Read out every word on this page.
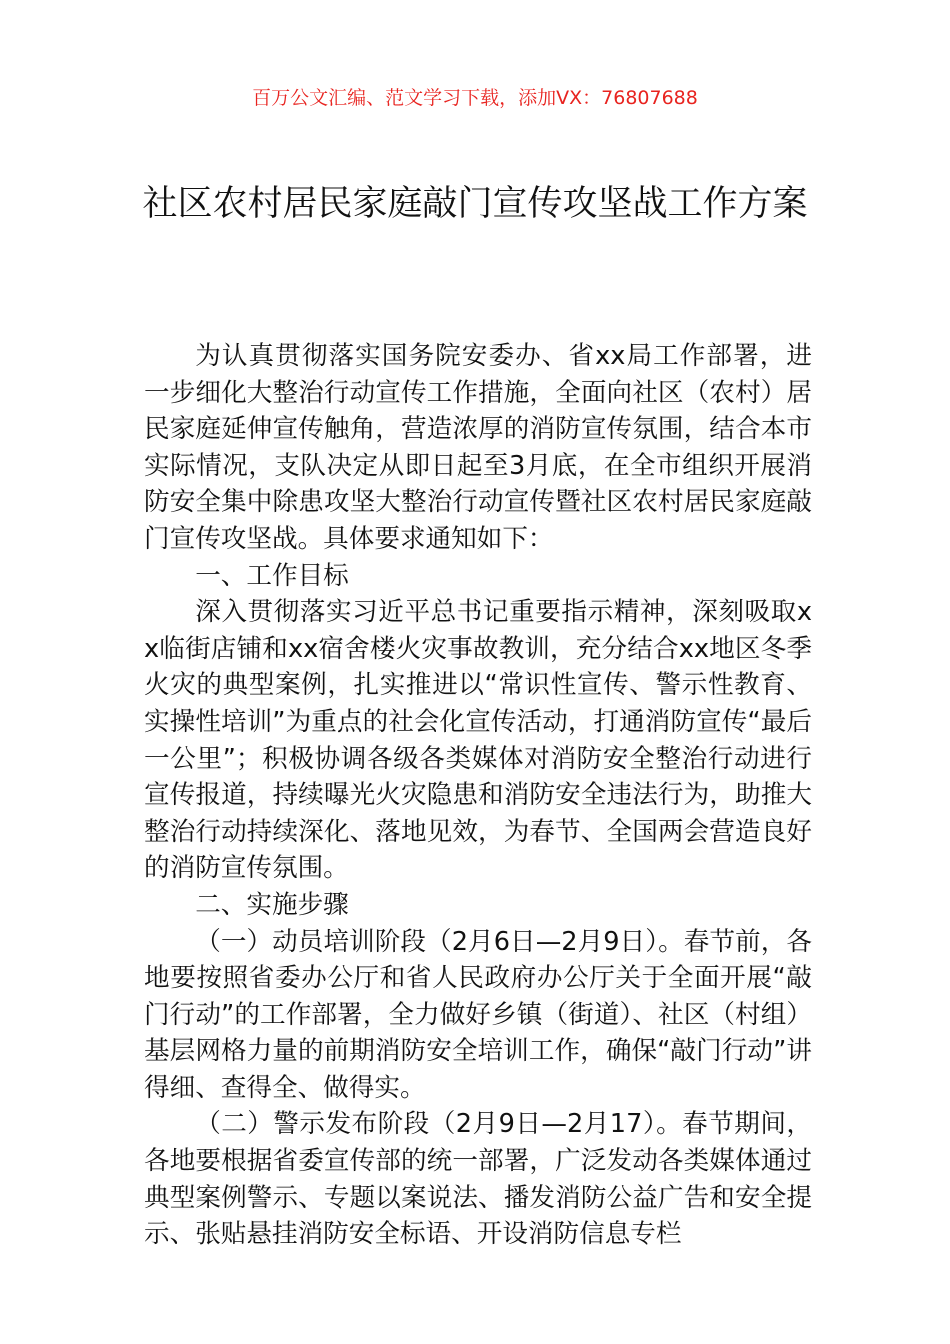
百万公文汇编、范文学习下载，添加VX：76807688
社区农村居民家庭敲门宣传攻坚战工作方案

为认真贯彻落实国务院安委办、省xx局工作部署，进一步细化大整治行动宣传工作措施，全面向社区（农村）居民家庭延伸宣传触角，营造浓厚的消防宣传氛围，结合本市实际情况，支队决定从即日起至3月底，在全市组织开展消防安全集中除患攻坚大整治行动宣传暨社区农村居民家庭敲门宣传攻坚战。具体要求通知如下：

一、工作目标

深入贯彻落实习近平总书记重要指示精神，深刻吸取xx临街店铺和xx宿舍楼火灾事故教训，充分结合xx地区冬季火灾的典型案例，扎实推进以“常识性宣传、警示性教育、实操性培训”为重点的社会化宣传活动，打通消防宣传“最后一公里”；积极协调各级各类媒体对消防安全整治行动进行宣传报道，持续曝光火灾隐患和消防安全违法行为，助推大整治行动持续深化、落地见效，为春节、全国两会营造良好的消防宣传氛围。

二、实施步骤

（一）动员培训阶段（2月6日—2月9日）。春节前，各地要按照省委办公厅和省人民政府办公厅关于全面开展“敲门行动”的工作部署，全力做好乡镇（街道）、社区（村组）基层网格力量的前期消防安全培训工作，确保“敲门行动”讲得细、查得全、做得实。

（二）警示发布阶段（2月9日—2月17）。春节期间，各地要根据省委宣传部的统一部署，广泛发动各类媒体通过典型案例警示、专题以案说法、播发消防公益广告和安全提示、张贴悬挂消防安全标语、开设消防信息专栏
